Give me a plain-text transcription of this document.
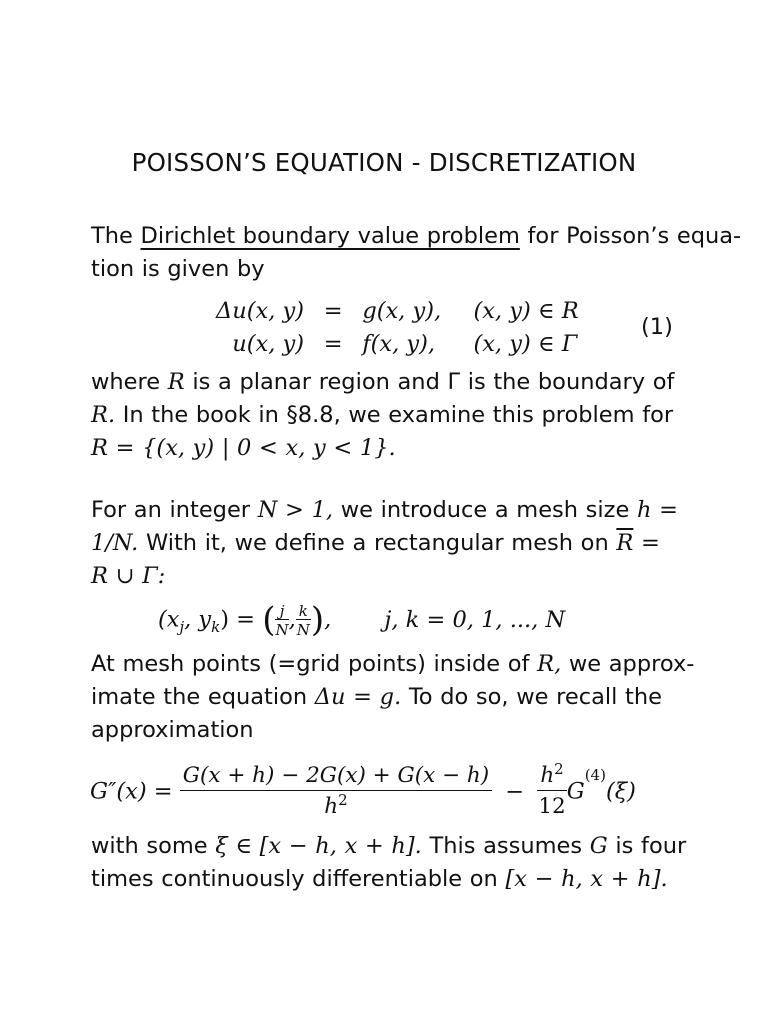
POISSON’S EQUATION - DISCRETIZATION
The Dirichlet boundary value problem for Poisson’s equa-
tion is given by
Δu(x, y) = g(x, y), (x, y) ∈ R
u(x, y) = f(x, y), (x, y) ∈ Γ
(1)
where R is a planar region and Γ is the boundary of
R. In the book in §8.8, we examine this problem for
R = {(x, y) | 0 < x, y < 1}.
For an integer N > 1, we introduce a mesh size h =
1/N. With it, we define a rectangular mesh on $\overline{R}$ =
R ∪ Γ:
($x_j$, $y_k$) = ( $\frac{j}{N}$ , $\frac{k}{N}$ ), j, k = 0, 1, ..., N
At mesh points (=grid points) inside of R, we approx-
imate the equation Δu = g. To do so, we recall the
approximation
$G''(x) = \frac{G(x + h) - 2G(x) + G(x - h)}{h^2} - \frac{h^2}{12} G^{(4)}(\xi)$
with some ξ ∈ [x − h, x + h]. This assumes G is four
times continuously differentiable on [x − h, x + h].
